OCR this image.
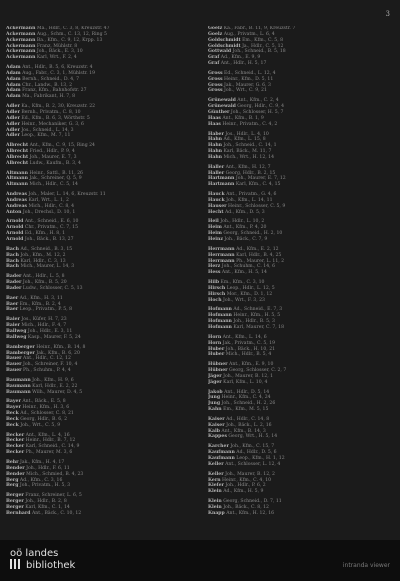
3
Ackermann Ma., Hdlr., C. 3, 8, Kreuzstr. 47
Ackermann Aug., Schm., C. 13, 12, Ring 5
Ackermann Ba., Kfm., C. 9, 12, Krpp. 13
Ackermann Franz, Mühlstr. 8
Ackermann Joh., Bäck., E. 3, 10
Ackermann Karl, Wrt., F. 2, 4
Adam Ant., Hdlr., B. 5, 6, Kreuzstr. 4
Adam Aug., Fabr., C. 3, 1, Mühlstr. 19
Adam Bernh., Schneid., D. 4, 7
Adam Chr., Landw., B. 13, 2
Adam Franz, Kfm., Bahnhofstr. 27
Adam Ma., Fabrikant, H. 7, 8
Adler Ka., Kfm., B. 2, 30, Kreuzstr. 22
Adler Bernh., Privatm., C. 8, 10
Adler Ed., Kfm., B. 6, 3, Wörthstr. 5
Adler Heinr., Mechaniker, G. 3, 6
Adler Jos., Schneid., L. 14, 3
Adler Leop., Kfm., M. 7, 11
Albrecht Ant., Kfm., C. 9, 15, Ring 24
Albrecht Fried., Hdlr., P. 9, 4
Albrecht Joh., Maurer, E. 7, 3
Albrecht Ludw., Kaufm., B. 3, 4
Altmann Heinr., Sattl., B. 11, 26
Altmann Jak., Schreiner, Q. 5, 9
Altmann Mich., Hdlr., C. 5, 14
Andreas Joh., Maler, L. 14, 6, Kreuzstr. 11
Andreas Karl, Wrt., L. 1, 2
Andreas Mich., Hdlr., C. 8, 4
Anton Joh., Drechsl., D. 10, 1
Arnold Ant., Schneid., E. 6, 10
Arnold Chr., Privatm., C. 7, 15
Arnold Ed., Kfm., H. 8, 1
Arnold Joh., Bäck., B. 13, 27
Bach Ad., Schneid., B. 3, 15
Bach Joh., Kfm., M. 12, 2
Bach Karl, Hdlr., C. 3, 13
Bach Mich., Maurer, L. 14, 3
Bader Ant., Hdlr., L. 5, 8
Bader Joh., Kfm., B. 5, 20
Bader Ludw., Schlosser, C. 5, 13
Baer Ad., Kfm., H. 3, 11
Baer Em., Kfm., B. 2, 4
Baer Leop., Privatm., P. 5, 8
Baier Jos., Küfer, H. 7, 23
Baier Mich., Hdlr., F. 4, 7
Ballweg Joh., Hdlr., E. 3, 11
Ballweg Kasp., Maurer, F. 5, 24
Bamberger Heinr., Kfm., B. 14, 8
Bamberger Jak., Kfm., B. 6, 20
Bauer Ant., Hdlr., C. 12, 12
Bauer Joh., Schreiner, F. 10, 4
Bauer Ph., Schuhm., P. 4, 4
Baumann Joh., Kfm., H. 9, 6
Baumann Karl, Hdlr., E. 2, 22
Baumann Wilh., Maurer, D. 4, 5
Bayer Ant., Bäck., E. 5, 8
Bayer Heinr., Kfm., H. 3, 6
Beck Ad., Schlosser, C. 8, 21
Beck Georg, Hdlr., B. 6, 2
Beck Joh., Wrt., C. 5, 9
Becker Ant., Kfm., L. 4, 16
Becker Heinr., Hdlr., B. 7, 12
Becker Karl, Schneid., C. 14, 9
Becker Ph., Maurer, M. 3, 6
Behr Jak., Kfm., H. 4, 17
Bender Joh., Hdlr., F. 6, 11
Bender Mich., Schmied, B. 4, 23
Berg Ad., Kfm., C. 3, 16
Berg Joh., Privatm., H. 5, 3
Berger Franz, Schreiner, L. 6, 5
Berger Joh., Hdlr., B. 2, 8
Berger Karl, Kfm., C. 1, 14
Bernhard Ant., Bäck., C. 10, 12
Goelz Ka., Fabr., B. 11, 9, Kreuzstr. 7
Goelz Aug., Privatm., L. 6, 4
Goldschmidt Em., Kfm., C. 5, 8
Goldschmidt Ja., Hdlr., C. 5, 12
Gottwald Joh., Schneid., B. 5, 18
Graf Ad., Kfm., E. 9, 9
Graf Ant., Hdlr., H. 5, 17
Gross Ed., Schneid., L. 12, 4
Gross Heinr., Kfm., D. 5, 11
Gross Jak., Maurer, G. 6, 3
Gross Joh., Wrt., C. 9, 21
Grünewald Ant., Kfm., C. 2, 4
Grünewald Georg, Hdlr., C. 9, 4
Günther Joh., Schlosser, H. 5, 7
Haas Ant., Kfm., B. 1, 9
Haas Heinr., Privatm., C. 4, 2
Haber Jos., Hdlr., L. 4, 10
Hahn Ad., Kfm., L. 15, 8
Hahn Joh., Schneid., C. 14, 1
Hahn Karl, Bäck., M. 11, 7
Hahn Mich., Wrt., H. 12, 14
Haller Ant., Kfm., H. 12, 7
Haller Georg, Hdlr., B. 2, 15
Hartmann Joh., Maurer, E. 7, 12
Hartmann Karl, Kfm., C. 4, 15
Hauck Ant., Privatm., G. 4, 6
Hauck Joh., Kfm., L. 14, 11
Hauser Heinr., Schlosser, C. 5, 9
Hecht Ad., Kfm., D. 5, 3
Heil Joh., Hdlr., L. 10, 2
Heim Ant., Kfm., P. 4, 20
Heim Georg, Schneid., H. 2, 10
Heinz Joh., Bäck., C. 7, 9
Herrmann Ad., Kfm., E. 2, 12
Herrmann Karl, Hdlr., B. 4, 25
Herrmann Ph., Maurer, L. 11, 2
Herz Joh., Schuhm., C. 14, 6
Hess Ant., Kfm., H. 5, 14
Hilb Em., Kfm., C. 3, 10
Hirsch Leop., Hdlr., L. 12, 5
Hirsch Mor., Kfm., D. 1, 12
Hoch Joh., Wrt., F. 3, 23
Hofmann Ad., Schneid., E. 7, 3
Hofmann Heinr., Kfm., H. 5, 5
Hofmann Joh., Hdlr., B. 5, 3
Hofmann Karl, Maurer, C. 7, 18
Horn Ant., Kfm., L. 14, 6
Horn Jak., Privatm., C. 5, 19
Huber Joh., Bäck., H. 10, 21
Huber Mich., Hdlr., B. 5, 4
Hübner Ant., Kfm., E. 9, 10
Hübner Georg, Schlosser, C. 2, 7
Jäger Joh., Maurer, B. 12, 1
Jäger Karl, Kfm., L. 10, 4
Jakob Ant., Hdlr., D. 5, 14
Jung Heinr., Kfm., C. 4, 24
Jung Joh., Schneid., H. 2, 26
Kahn Em., Kfm., M. 5, 15
Kaiser Ad., Hdlr., C. 14, 8
Kaiser Joh., Bäck., L. 2, 16
Kalb Ant., Kfm., B. 14, 3
Kappes Georg, Wrt., H. 5, 14
Karcher Joh., Kfm., C. 15, 7
Kaufmann Ad., Hdlr., D. 5, 6
Kaufmann Leop., Kfm., H. 1, 12
Keller Ant., Schlosser, L. 12, 4
Keller Joh., Maurer, B. 12, 2
Kern Heinr., Kfm., C. 4, 10
Kiefer Joh., Hdlr., P. 6, 2
Klein Ad., Kfm., H. 5, 9
Klein Georg, Schneid., D. 7, 11
Klein Joh., Bäck., C. 8, 12
Knapp Ant., Kfm., H. 12, 16
oö landes
bibliothek	intranda viewer
